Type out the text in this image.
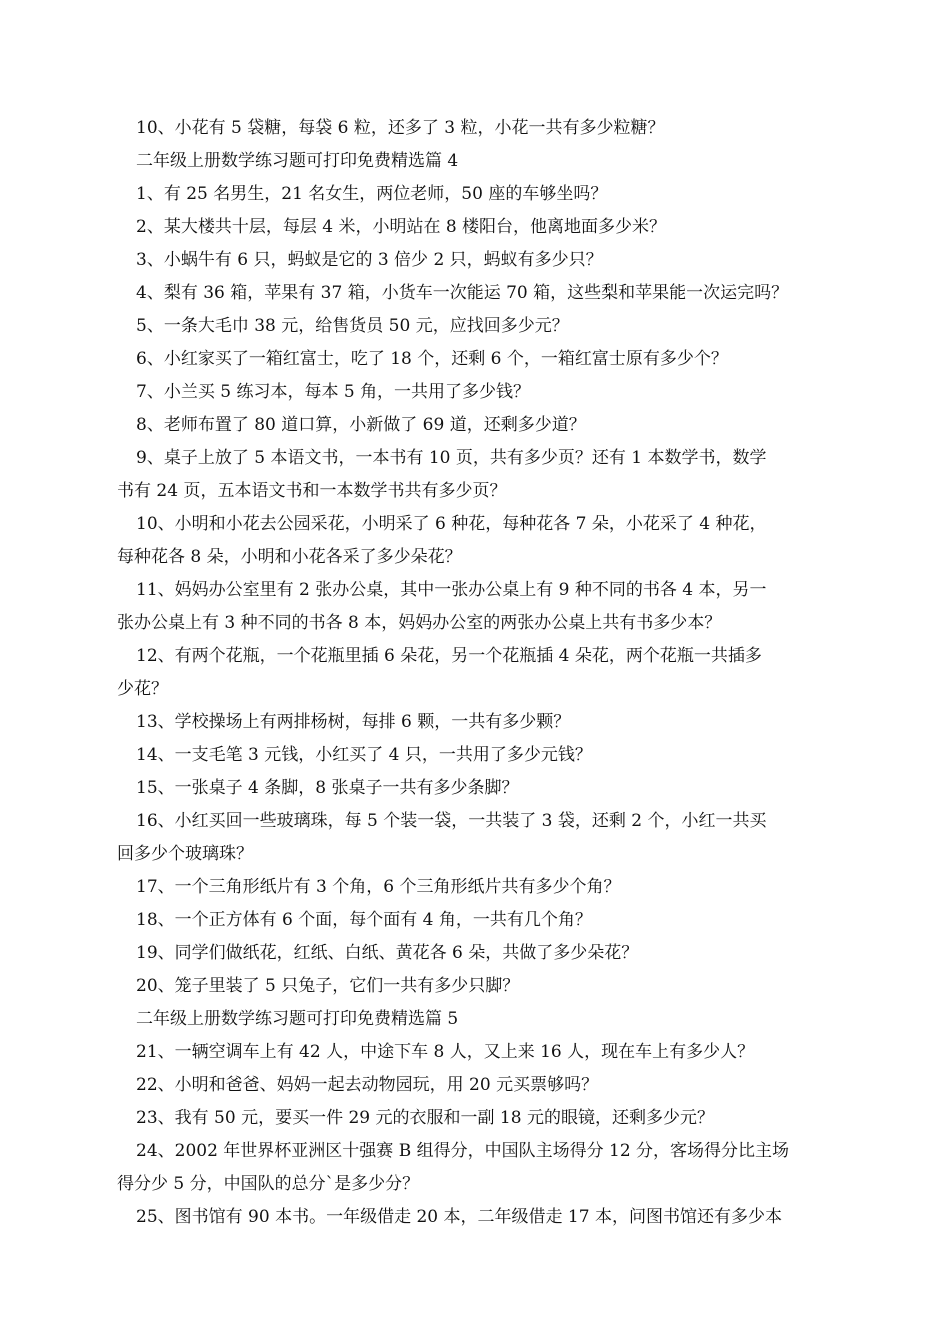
10、小花有 5 袋糖，每袋 6 粒，还多了 3 粒，小花一共有多少粒糖？
二年级上册数学练习题可打印免费精选篇 4
1、有 25 名男生，21 名女生，两位老师，50 座的车够坐吗？
2、某大楼共十层，每层 4 米，小明站在 8 楼阳台，他离地面多少米？
3、小蜗牛有 6 只，蚂蚁是它的 3 倍少 2 只，蚂蚁有多少只？
4、梨有 36 箱，苹果有 37 箱，小货车一次能运 70 箱，这些梨和苹果能一次运完吗？
5、一条大毛巾 38 元，给售货员 50 元，应找回多少元？
6、小红家买了一箱红富士，吃了 18 个，还剩 6 个，一箱红富士原有多少个？
7、小兰买 5 练习本，每本 5 角，一共用了多少钱？
8、老师布置了 80 道口算，小新做了 69 道，还剩多少道？
9、桌子上放了 5 本语文书，一本书有 10 页，共有多少页？还有 1 本数学书，数学
书有 24 页，五本语文书和一本数学书共有多少页？
10、小明和小花去公园采花，小明采了 6 种花，每种花各 7 朵，小花采了 4 种花，
每种花各 8 朵，小明和小花各采了多少朵花？
11、妈妈办公室里有 2 张办公桌，其中一张办公桌上有 9 种不同的书各 4 本，另一
张办公桌上有 3 种不同的书各 8 本，妈妈办公室的两张办公桌上共有书多少本？
12、有两个花瓶，一个花瓶里插 6 朵花，另一个花瓶插 4 朵花，两个花瓶一共插多
少花？
13、学校操场上有两排杨树，每排 6 颗，一共有多少颗？
14、一支毛笔 3 元钱，小红买了 4 只，一共用了多少元钱？
15、一张桌子 4 条脚，8 张桌子一共有多少条脚？
16、小红买回一些玻璃珠，每 5 个装一袋，一共装了 3 袋，还剩 2 个，小红一共买
回多少个玻璃珠？
17、一个三角形纸片有 3 个角，6 个三角形纸片共有多少个角？
18、一个正方体有 6 个面，每个面有 4 角，一共有几个角？
19、同学们做纸花，红纸、白纸、黄花各 6 朵，共做了多少朵花？
20、笼子里装了 5 只兔子，它们一共有多少只脚？
二年级上册数学练习题可打印免费精选篇 5
21、一辆空调车上有 42 人，中途下车 8 人，又上来 16 人，现在车上有多少人？
22、小明和爸爸、妈妈一起去动物园玩，用 20 元买票够吗？
23、我有 50 元，要买一件 29 元的衣服和一副 18 元的眼镜，还剩多少元？
24、2002 年世界杯亚洲区十强赛 B 组得分，中国队主场得分 12 分，客场得分比主场
得分少 5 分，中国队的总分`是多少分？
25、图书馆有 90 本书。一年级借走 20 本，二年级借走 17 本，问图书馆还有多少本
